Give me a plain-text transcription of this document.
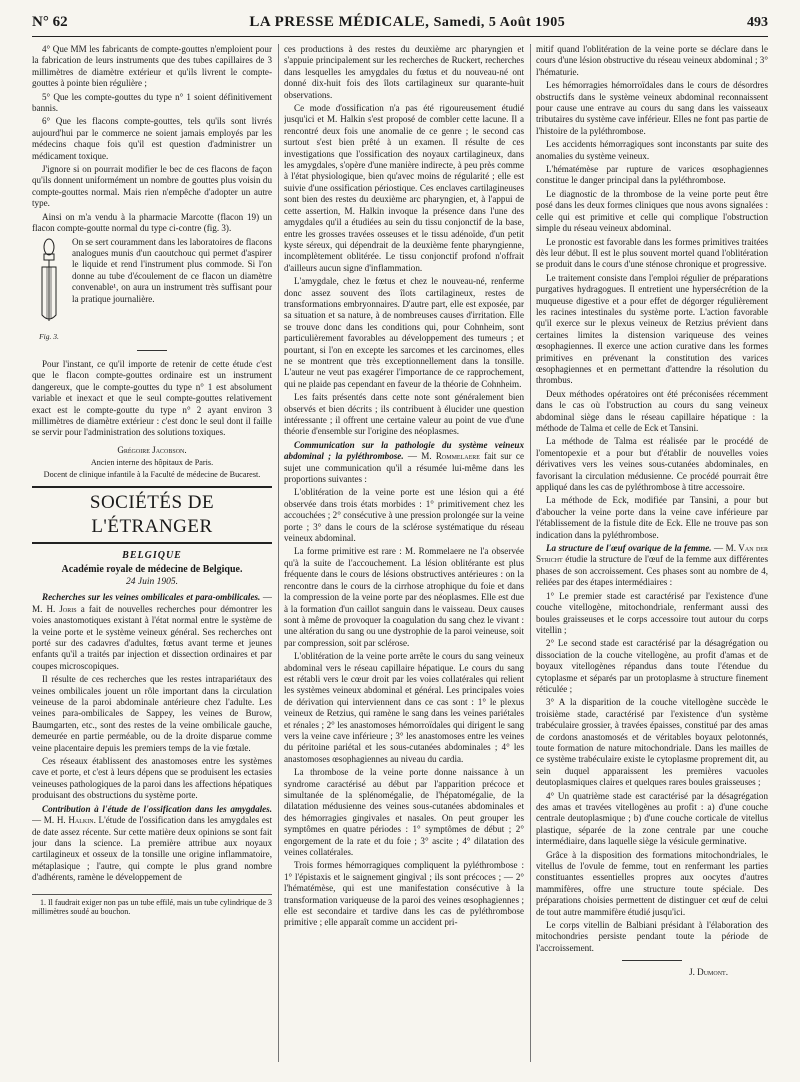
N° 62	LA PRESSE MÉDICALE, Samedi, 5 Août 1905	493

4° Que MM les fabricants de compte-gouttes n'emploient pour la fabrication de leurs instruments que des tubes capillaires de 3 millimètres de diamètre extérieur et qu'ils livrent le compte-gouttes à pointe bien régulière ;

5° Que les compte-gouttes du type n° 1 soient définitivement bannis.

6° Que les flacons compte-gouttes, tels qu'ils sont livrés aujourd'hui par le commerce ne soient jamais employés par les médecins chaque fois qu'il est question d'administrer un médicament toxique.

J'ignore si on pourrait modifier le bec de ces flacons de façon qu'ils donnent uniformément un nombre de gouttes plus voisin du compte-gouttes normal. Mais rien n'empêche d'adopter un autre type.

Ainsi on m'a vendu à la pharmacie Marcotte (flacon 19) un flacon compte-goutte normal du type ci-contre (fig. 3).

Fig. 3.

On se sert couramment dans les laboratoires de flacons analogues munis d'un caoutchouc qui permet d'aspirer le liquide et rend l'instrument plus commode. Si l'on donne au tube d'écoulement de ce flacon un diamètre convenable¹, on aura un instrument très suffisant pour la pratique journalière.

Pour l'instant, ce qu'il importe de retenir de cette étude c'est que le flacon compte-gouttes ordinaire est un instrument dangereux, que le compte-gouttes du type n° 1 est absolument variable et inexact et que le seul compte-gouttes relativement exact est le compte-goutte du type n° 2 ayant environ 3 millimètres de diamètre extérieur : c'est donc le seul dont il faille se servir pour l'administration des solutions toxiques.

Grégoire Jacobson.

Ancien interne des hôpitaux de Paris.

Docent de clinique infantile à la Faculté de médecine de Bucarest.

SOCIÉTÉS DE L'ÉTRANGER
BELGIQUE
Académie royale de médecine de Belgique.
24 Juin 1905.

Recherches sur les veines ombilicales et para-ombilicales. — M. H. Joris a fait de nouvelles recherches pour démontrer les voies anastomotiques existant à l'état normal entre le système de la veine porte et le système veineux général. Ses recherches ont porté sur des cadavres d'adultes, fœtus avant terme et jeunes enfants qu'il a traités par injection et dissection ordinaires et par coupes microscopiques.

Il résulte de ces recherches que les restes intrapariétaux des veines ombilicales jouent un rôle important dans la circulation veineuse de la paroi abdominale antérieure chez l'adulte. Les veines para-ombilicales de Sappey, les veines de Burow, Baumgarten, etc., sont des restes de la veine ombilicale gauche, demeurée en partie perméable, ou de la droite disparue comme veine placentaire depuis les premiers temps de la vie fœtale.

Ces réseaux établissent des anastomoses entre les systèmes cave et porte, et c'est à leurs dépens que se produisent les ectasies veineuses pathologiques de la paroi dans les affections hépatiques produisant des obstructions du système porte.

Contribution à l'étude de l'ossification dans les amygdales. — M. H. Halkin. L'étude de l'ossification dans les amygdales est de date assez récente. Sur cette matière deux opinions se sont fait jour dans la science. La première attribue aux noyaux cartilagineux et osseux de la tonsille une origine inflammatoire, métaplasique ; l'autre, qui compte le plus grand nombre d'adhérents, ramène le développement de

1. Il faudrait exiger non pas un tube effilé, mais un tube cylindrique de 3 millimètres soudé au bouchon.

ces productions à des restes du deuxième arc pharyngien et s'appuie principalement sur les recherches de Ruckert, recherches dans lesquelles les amygdales du fœtus et du nouveau-né ont donné dix-huit fois des îlots cartilagineux sur quarante-huit observations.

Ce mode d'ossification n'a pas été rigoureusement étudié jusqu'ici et M. Halkin s'est proposé de combler cette lacune. Il a rencontré deux fois une anomalie de ce genre ; le second cas surtout s'est bien prêté à un examen. Il résulte de ces investigations que l'ossification des noyaux cartilagineux, dans les amygdales, s'opère d'une manière indirecte, à peu près comme à l'état physiologique, bien qu'avec moins de régularité ; elle est suivie d'une ossification périostique. Ces enclaves cartilagineuses sont bien des restes du deuxième arc pharyngien, et, à l'appui de cette assertion, M. Halkin invoque la présence dans l'une des amygdales qu'il a étudiées au sein du tissu conjonctif de la base, entre les grosses travées osseuses et le tissu adénoïde, d'un petit kyste séreux, qui dépendrait de la deuxième fente pharyngienne, incomplètement oblitérée. Le tissu conjonctif profond n'offrait d'ailleurs aucun signe d'inflammation.

L'amygdale, chez le fœtus et chez le nouveau-né, renferme donc assez souvent des îlots cartilagineux, restes de transformations embryonnaires. D'autre part, elle est exposée, par sa situation et sa nature, à de nombreuses causes d'irritation. Elle se trouve donc dans les conditions qui, pour Cohnheim, sont particulièrement favorables au développement des tumeurs ; et pourtant, si l'on en excepte les sarcomes et les carcinomes, elles ne se montrent que très exceptionnellement dans la tonsille. L'auteur ne veut pas exagérer l'importance de ce rapprochement, qui ne plaide pas cependant en faveur de la théorie de Cohnheim.

Les faits présentés dans cette note sont généralement bien observés et bien décrits ; ils contribuent à élucider une question intéressante ; il offrent une certaine valeur au point de vue d'une théorie d'ensemble sur l'origine des néoplasmes.

Communication sur la pathologie du système veineux abdominal ; la pyléthrombose. — M. Rommelaere fait sur ce sujet une communication qu'il a résumée lui-même dans les proportions suivantes :

L'oblitération de la veine porte est une lésion qui a été observée dans trois états morbides : 1° primitivement chez les accouchées ; 2° consécutive à une pression prolongée sur la veine porte ; 3° dans le cours de la sclérose systématique du réseau veineux abdominal.

La forme primitive est rare : M. Rommelaere ne l'a observée qu'à la suite de l'accouchement. La lésion oblitérante est plus fréquente dans le cours de lésions obstructives antérieures : on la rencontre dans le cours de la cirrhose atrophique du foie et dans la compression de la veine porte par des néoplasmes. Elle est due à la formation d'un caillot sanguin dans le vaisseau. Deux causes sont à même de provoquer la coagulation du sang chez le vivant : une altération du sang ou une dystrophie de la paroi veineuse, soit par compression, soit par sclérose.

L'oblitération de la veine porte arrête le cours du sang veineux abdominal vers le réseau capillaire hépatique. Le cours du sang est rétabli vers le cœur droit par les voies collatérales qui relient les systèmes veineux abdominal et général. Les principales voies de dérivation qui interviennent dans ce cas sont : 1° le plexus veineux de Retzius, qui ramène le sang dans les veines pariétales et rénales ; 2° les anastomoses hémorroïdales qui dirigent le sang vers la veine cave inférieure ; 3° les anastomoses entre les veines du péritoine pariétal et les sous-cutanées abdominales ; 4° les anastomoses œsophagiennes au niveau du cardia.

La thrombose de la veine porte donne naissance à un syndrome caractérisé au début par l'apparition précoce et simultanée de la splénomégalie, de l'hépatomégalie, de la dilatation médusienne des veines sous-cutanées abdominales et des hémorragies gingivales et nasales. On peut grouper les symptômes en quatre périodes : 1° symptômes de début ; 2° engorgement de la rate et du foie ; 3° ascite ; 4° dilatation des veines collatérales.

Trois formes hémorragiques compliquent la pyléthrombose : 1° l'épistaxis et le saignement gingival ; ils sont précoces ; — 2° l'hématémèse, qui est une manifestation consécutive à la transformation variqueuse de la paroi des veines œsophagiennes ; elle est secondaire et tardive dans les cas de pyléthrombose primitive ; elle apparaît comme un accident pri-

mitif quand l'oblitération de la veine porte se déclare dans le cours d'une lésion obstructive du réseau veineux abdominal ; 3° l'hématurie.

Les hémorragies hémorroïdales dans le cours de désordres obstructifs dans le système veineux abdominal reconnaissent pour cause une entrave au cours du sang dans les vaisseaux tributaires du système cave inférieur. Elles ne font pas partie de l'histoire de la pyléthrombose.

Les accidents hémorragiques sont inconstants par suite des anomalies du système veineux.

L'hématémèse par rupture de varices œsophagiennes constitue le danger principal dans la pyléthrombose.

Le diagnostic de la thrombose de la veine porte peut être posé dans les deux formes cliniques que nous avons signalées : celle qui est primitive et celle qui complique l'obstruction simple du réseau veineux abdominal.

Le pronostic est favorable dans les formes primitives traitées dès leur début. Il est le plus souvent mortel quand l'oblitération se produit dans le cours d'une sténose chronique et progressive.

Le traitement consiste dans l'emploi régulier de préparations purgatives hydragogues. Il entretient une hypersécrétion de la muqueuse digestive et a pour effet de dégorger régulièrement les racines intestinales du système porte. L'action favorable qu'il exerce sur le plexus veineux de Retzius prévient dans certaines limites la distension variqueuse des veines œsophagiennes. Il exerce une action curative dans les formes primitives en prévenant la constitution des varices œsophagiennes et en permettant d'attendre la résolution du thrombus.

Deux méthodes opératoires ont été préconisées récemment dans le cas où l'obstruction au cours du sang veineux abdominal siège dans le réseau capillaire hépatique : la méthode de Talma et celle de Eck et Tansini.

La méthode de Talma est réalisée par le procédé de l'omentopexie et a pour but d'établir de nouvelles voies dérivatives vers les veines sous-cutanées abdominales, en favorisant la circulation médusienne. Ce procédé pourrait être appliqué dans les cas de pyléthrombose à titre accessoire.

La méthode de Eck, modifiée par Tansini, a pour but d'aboucher la veine porte dans la veine cave inférieure par l'établissement de la fistule dite de Eck. Elle ne trouve pas son indication dans la pyléthrombose.

La structure de l'œuf ovarique de la femme. — M. Van der Stricht étudie la structure de l'œuf de la femme aux différentes phases de son accroissement. Ces phases sont au nombre de 4, reliées par des étapes intermédiaires :

1° Le premier stade est caractérisé par l'existence d'une couche vitellogène, mitochondriale, renfermant aussi des boules graisseuses et le corps accessoire tout autour du corps vitellin ;

2° Le second stade est caractérisé par la désagrégation ou dissociation de la couche vitellogène, au profit d'amas et de boyaux vitellogènes répandus dans toute l'étendue du cytoplasme et séparés par un protoplasme à structure finement réticulée ;

3° A la disparition de la couche vitellogène succède le troisième stade, caractérisé par l'existence d'un système trabéculaire grossier, à travées épaisses, constitué par des amas de cordons anastomosés et de véritables boyaux pelotonnés, toute formation de nature mitochondriale. Dans les mailles de ce système trabéculaire existe le cytoplasme proprement dit, au sein duquel apparaissent les premières vacuoles deutoplasmiques claires et quelques rares boules graisseuses ;

4° Un quatrième stade est caractérisé par la désagrégation des amas et travées vitellogènes au profit : a) d'une couche centrale deutoplasmique ; b) d'une couche corticale de vitellus plastique, séparée de la zone centrale par une couche intermédiaire, dans laquelle siège la vésicule germinative.

Grâce à la disposition des formations mitochondriales, le vitellus de l'ovule de femme, tout en renfermant les parties constituantes essentielles propres aux oocytes d'autres mammifères, offre une structure toute spéciale. Des préparations choisies permettent de distinguer cet œuf de celui de tout autre mammifère étudié jusqu'ici.

Le corps vitellin de Balbiani présidant à l'élaboration des mitochondries persiste pendant toute la période de l'accroissement.

J. Dumont.
